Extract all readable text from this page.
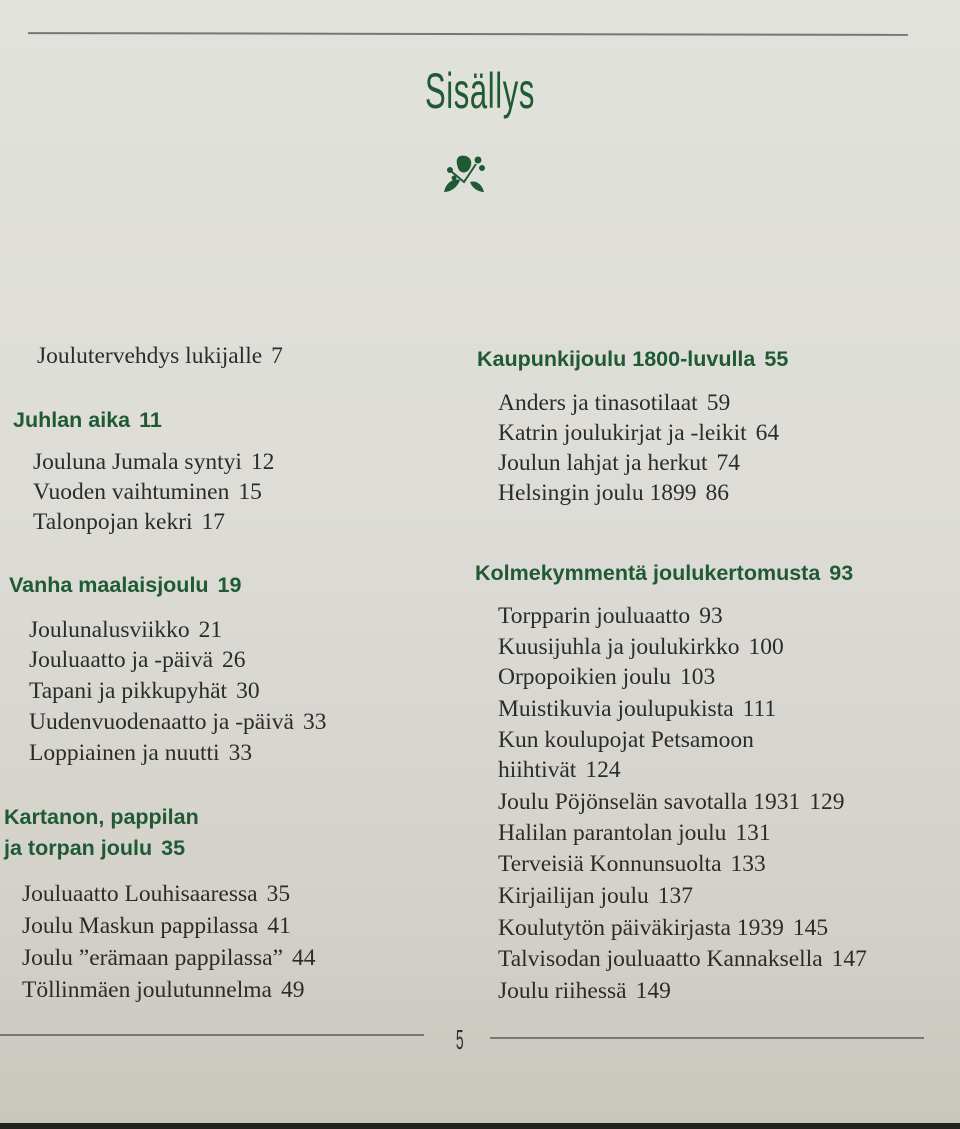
Sisällys
Joulutervehdys lukijalle 7
Juhlan aika 11
Jouluna Jumala syntyi 12
Vuoden vaihtuminen 15
Talonpojan kekri 17
Vanha maalaisjoulu 19
Joulunalusviikko 21
Jouluaatto ja -päivä 26
Tapani ja pikkupyhät 30
Uudenvuodenaatto ja -päivä 33
Loppiainen ja nuutti 33
Kartanon, pappilan
ja torpan joulu 35
Jouluaatto Louhisaaressa 35
Joulu Maskun pappilassa 41
Joulu ”erämaan pappilassa” 44
Töllinmäen joulutunnelma 49
Kaupunkijoulu 1800-luvulla 55
Anders ja tinasotilaat 59
Katrin joulukirjat ja -leikit 64
Joulun lahjat ja herkut 74
Helsingin joulu 1899 86
Kolmekymmentä joulukertomusta 93
Torpparin jouluaatto 93
Kuusijuhla ja joulukirkko 100
Orpopoikien joulu 103
Muistikuvia joulupukista 111
Kun koulupojat Petsamoon
hiihtivät 124
Joulu Pöjönselän savotalla 1931 129
Halilan parantolan joulu 131
Terveisiä Konnunsuolta 133
Kirjailijan joulu 137
Koulutytön päiväkirjasta 1939 145
Talvisodan jouluaatto Kannaksella 147
Joulu riihessä 149
5
